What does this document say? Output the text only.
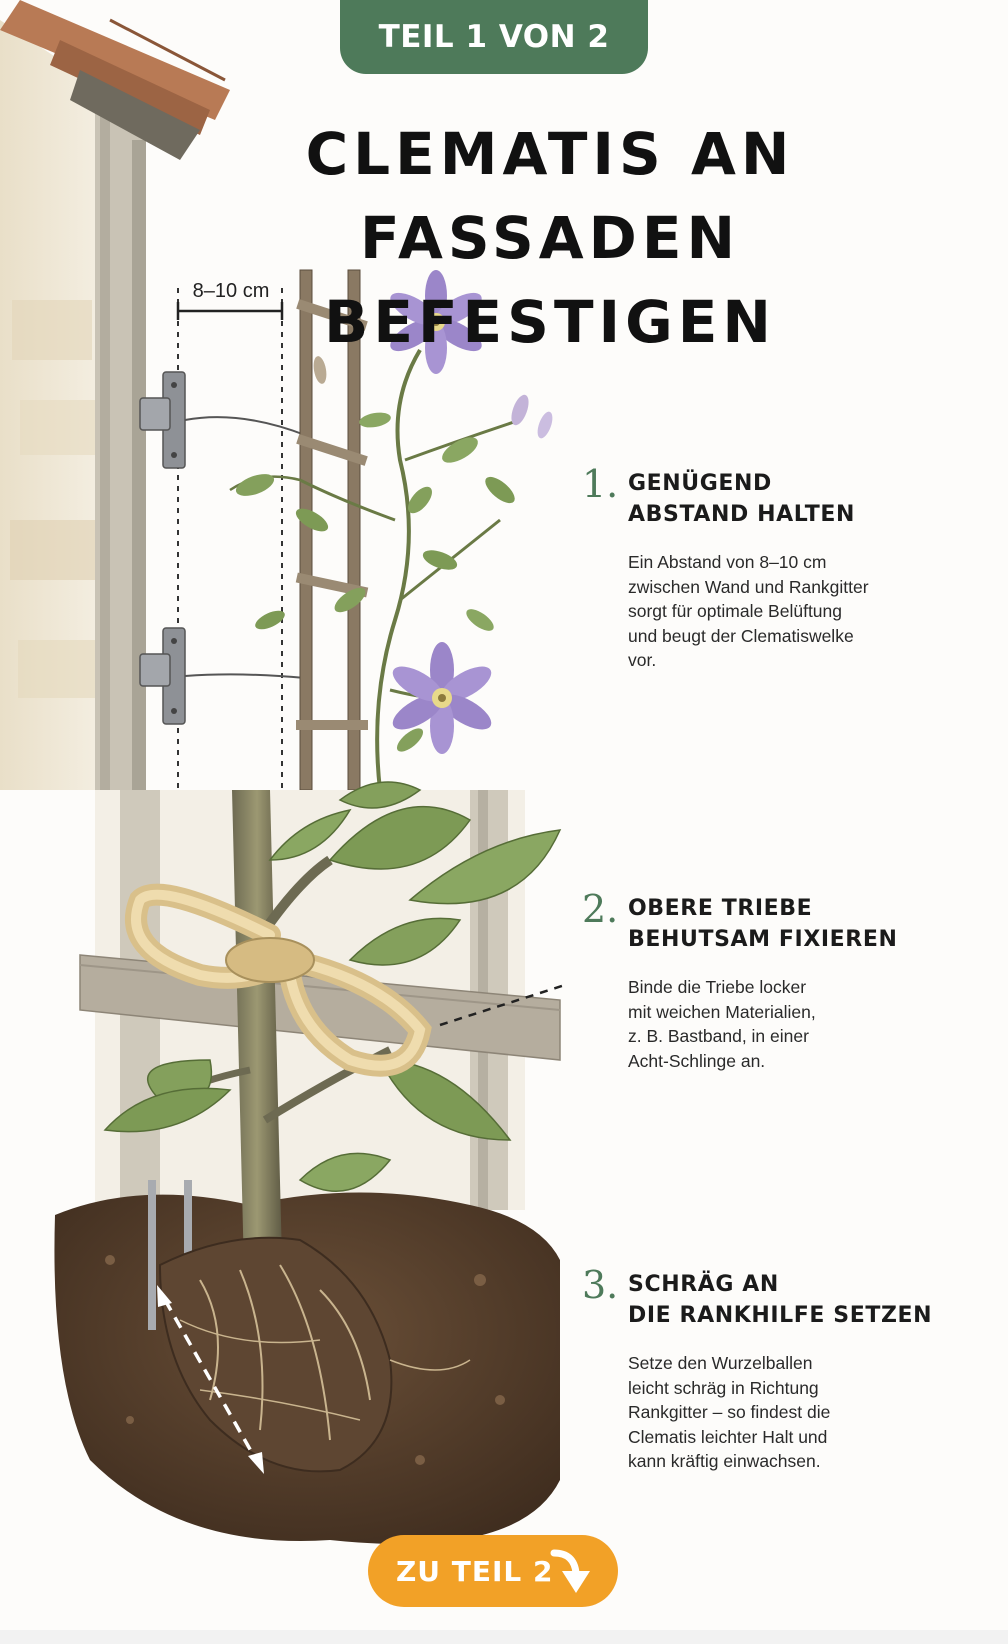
8–10 cm
TEIL 1 VON 2
CLEMATIS AN
FASSADEN BEFESTIGEN
1. GENÜGEND
ABSTAND HALTEN

Ein Abstand von 8–10 cm
zwischen Wand und Rankgitter
sorgt für optimale Belüftung
und beugt der Clematiswelke
vor.

2. OBERE TRIEBE
BEHUTSAM FIXIEREN

Binde die Triebe locker
mit weichen Materialien,
z. B. Bastband, in einer
Acht-Schlinge an.

3. SCHRÄG AN
DIE RANKHILFE SETZEN

Setze den Wurzelballen
leicht schräg in Richtung
Rankgitter – so findest die
Clematis leichter Halt und
kann kräftig einwachsen.

ZU TEIL 2
